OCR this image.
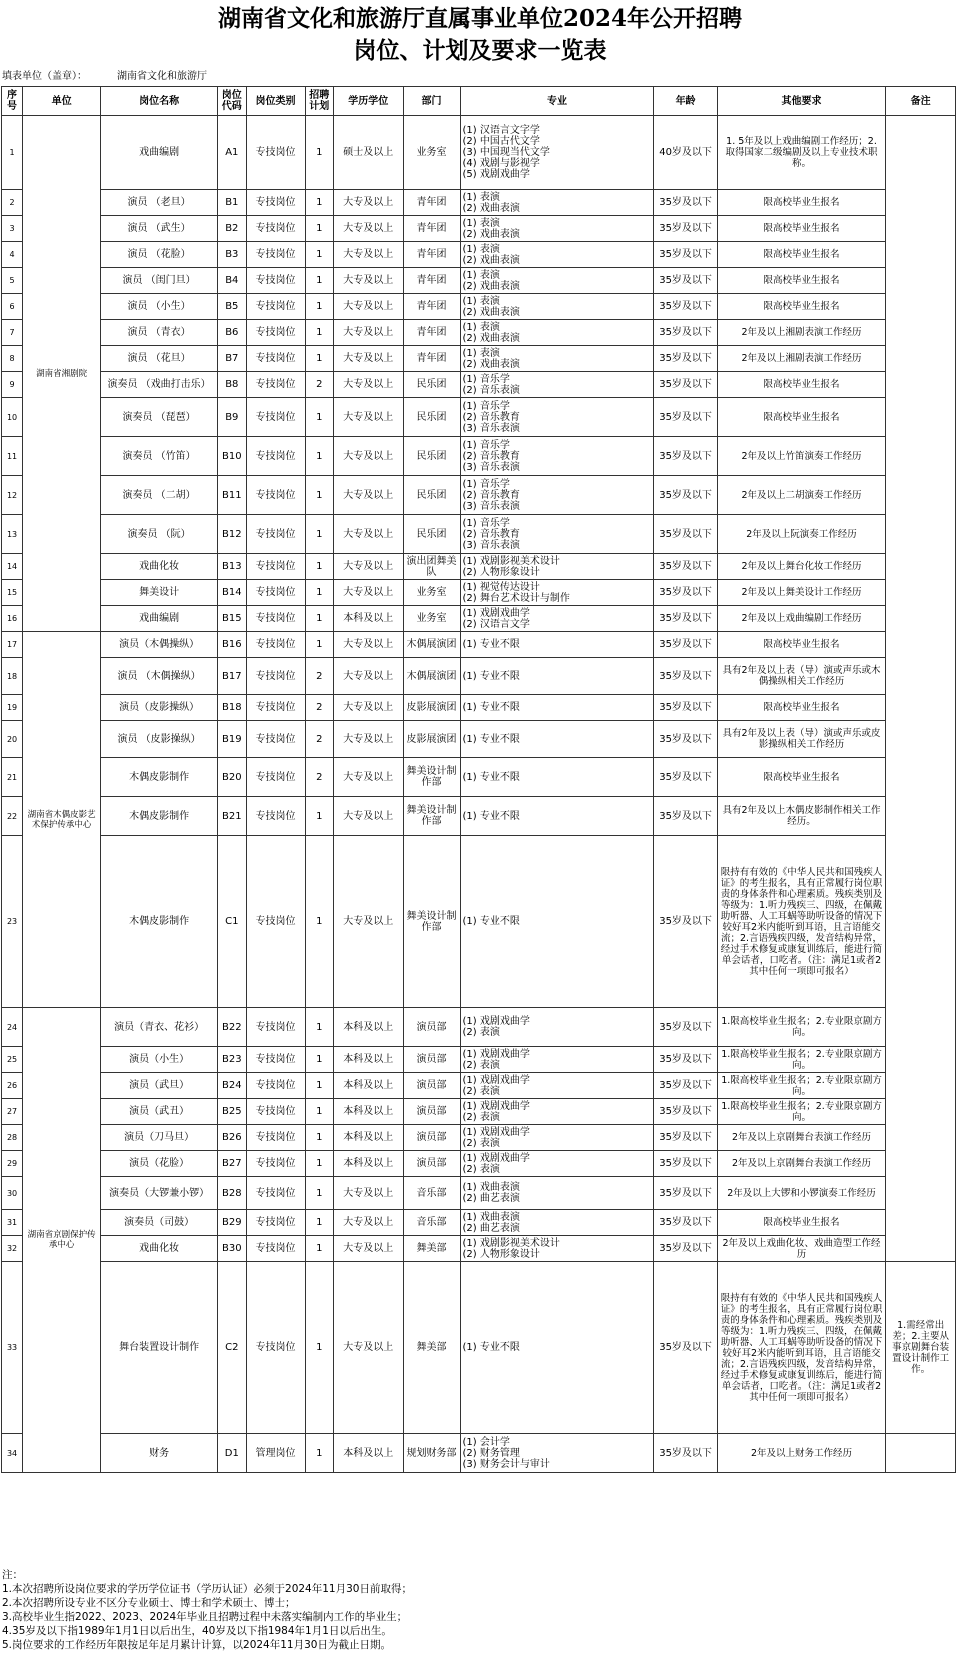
湖南省文化和旅游厅直属事业单位2024年公开招聘
岗位、计划及要求一览表
填表单位（盖章）：	湖南省文化和旅游厅
序号	单位	岗位名称	岗位代码	岗位类别	招聘计划	学历学位	部门	专业	年龄	其他要求	备注
1	湖南省湘剧院	戏曲编剧	A1	专技岗位	1	硕士及以上	业务室	(1) 汉语言文字学
(2) 中国古代文学
(3) 中国现当代文学
(4) 戏剧与影视学
(5) 戏剧戏曲学	40岁及以下	1. 5年及以上戏曲编剧工作经历；2. 取得国家二级编剧及以上专业技术职称。	
2		演员 （老旦）	B1	专技岗位	1	大专及以上	青年团	(1) 表演
(2) 戏曲表演	35岁及以下	限高校毕业生报名	
3		演员 （武生）	B2	专技岗位	1	大专及以上	青年团	(1) 表演
(2) 戏曲表演	35岁及以下	限高校毕业生报名	
4		演员 （花脸）	B3	专技岗位	1	大专及以上	青年团	(1) 表演
(2) 戏曲表演	35岁及以下	限高校毕业生报名	
5		演员 （闺门旦）	B4	专技岗位	1	大专及以上	青年团	(1) 表演
(2) 戏曲表演	35岁及以下	限高校毕业生报名	
6		演员 （小生）	B5	专技岗位	1	大专及以上	青年团	(1) 表演
(2) 戏曲表演	35岁及以下	限高校毕业生报名	
7		演员 （青衣）	B6	专技岗位	1	大专及以上	青年团	(1) 表演
(2) 戏曲表演	35岁及以下	2年及以上湘剧表演工作经历	
8		演员 （花旦）	B7	专技岗位	1	大专及以上	青年团	(1) 表演
(2) 戏曲表演	35岁及以下	2年及以上湘剧表演工作经历	
9		演奏员 （戏曲打击乐）	B8	专技岗位	2	大专及以上	民乐团	(1) 音乐学
(2) 音乐表演	35岁及以下	限高校毕业生报名	
10		演奏员 （琵琶）	B9	专技岗位	1	大专及以上	民乐团	(1) 音乐学
(2) 音乐教育
(3) 音乐表演	35岁及以下	限高校毕业生报名	
11		演奏员 （竹笛）	B10	专技岗位	1	大专及以上	民乐团	(1) 音乐学
(2) 音乐教育
(3) 音乐表演	35岁及以下	2年及以上竹笛演奏工作经历	
12		演奏员 （二胡）	B11	专技岗位	1	大专及以上	民乐团	(1) 音乐学
(2) 音乐教育
(3) 音乐表演	35岁及以下	2年及以上二胡演奏工作经历	
13		演奏员 （阮）	B12	专技岗位	1	大专及以上	民乐团	(1) 音乐学
(2) 音乐教育
(3) 音乐表演	35岁及以下	2年及以上阮演奏工作经历	
14		戏曲化妆	B13	专技岗位	1	大专及以上	演出团舞美队	(1) 戏剧影视美术设计
(2) 人物形象设计	35岁及以下	2年及以上舞台化妆工作经历	
15		舞美设计	B14	专技岗位	1	大专及以上	业务室	(1) 视觉传达设计
(2) 舞台艺术设计与制作	35岁及以下	2年及以上舞美设计工作经历	
16		戏曲编剧	B15	专技岗位	1	本科及以上	业务室	(1) 戏剧戏曲学
(2) 汉语言文学	35岁及以下	2年及以上戏曲编剧工作经历	
17	湖南省木偶皮影艺术保护传承中心	演员（木偶操纵）	B16	专技岗位	1	大专及以上	木偶展演团	(1) 专业不限	35岁及以下	限高校毕业生报名	
18		演员 （木偶操纵）	B17	专技岗位	2	大专及以上	木偶展演团	(1) 专业不限	35岁及以下	具有2年及以上表（导）演或声乐或木偶操纵相关工作经历	
19		演员（皮影操纵）	B18	专技岗位	2	大专及以上	皮影展演团	(1) 专业不限	35岁及以下	限高校毕业生报名	
20		演员 （皮影操纵）	B19	专技岗位	2	大专及以上	皮影展演团	(1) 专业不限	35岁及以下	具有2年及以上表（导）演或声乐或皮影操纵相关工作经历	
21		木偶皮影制作	B20	专技岗位	2	大专及以上	舞美设计制作部	(1) 专业不限	35岁及以下	限高校毕业生报名	
22		木偶皮影制作	B21	专技岗位	1	大专及以上	舞美设计制作部	(1) 专业不限	35岁及以下	具有2年及以上木偶皮影制作相关工作经历。	
23		木偶皮影制作	C1	专技岗位	1	大专及以上	舞美设计制作部	(1) 专业不限	35岁及以下	限持有有效的《中华人民共和国残疾人证》的考生报名，具有正常履行岗位职责的身体条件和心理素质。残疾类别及等级为：1.听力残疾三、四级，在佩戴助听器、人工耳蜗等助听设备的情况下较好耳2米内能听到耳语，且言语能交流；2.言语残疾四级，发音结构异常，经过手术修复或康复训练后，能进行简单会话者，口吃者。（注：满足1或者2其中任何一项即可报名）	
24	湖南省京剧保护传承中心	演员（青衣、花衫）	B22	专技岗位	1	本科及以上	演员部	(1) 戏剧戏曲学
(2) 表演	35岁及以下	1.限高校毕业生报名；2.专业限京剧方向。	
25		演员（小生）	B23	专技岗位	1	本科及以上	演员部	(1) 戏剧戏曲学
(2) 表演	35岁及以下	1.限高校毕业生报名；2.专业限京剧方向。	
26		演员（武旦）	B24	专技岗位	1	本科及以上	演员部	(1) 戏剧戏曲学
(2) 表演	35岁及以下	1.限高校毕业生报名；2.专业限京剧方向。	
27		演员（武丑）	B25	专技岗位	1	本科及以上	演员部	(1) 戏剧戏曲学
(2) 表演	35岁及以下	1.限高校毕业生报名；2.专业限京剧方向。	
28		演员（刀马旦）	B26	专技岗位	1	本科及以上	演员部	(1) 戏剧戏曲学
(2) 表演	35岁及以下	2年及以上京剧舞台表演工作经历	
29		演员（花脸）	B27	专技岗位	1	本科及以上	演员部	(1) 戏剧戏曲学
(2) 表演	35岁及以下	2年及以上京剧舞台表演工作经历	
30		演奏员（大锣兼小锣）	B28	专技岗位	1	大专及以上	音乐部	(1) 戏曲表演
(2) 曲艺表演	35岁及以下	2年及以上大锣和小锣演奏工作经历	
31		演奏员（司鼓）	B29	专技岗位	1	大专及以上	音乐部	(1) 戏曲表演
(2) 曲艺表演	35岁及以下	限高校毕业生报名	
32		戏曲化妆	B30	专技岗位	1	大专及以上	舞美部	(1) 戏剧影视美术设计
(2) 人物形象设计	35岁及以下	2年及以上戏曲化妆、戏曲造型工作经历	
33		舞台装置设计制作	C2	专技岗位	1	大专及以上	舞美部	(1) 专业不限	35岁及以下	限持有有效的《中华人民共和国残疾人证》的考生报名，具有正常履行岗位职责的身体条件和心理素质。残疾类别及等级为：1.听力残疾三、四级，在佩戴助听器、人工耳蜗等助听设备的情况下较好耳2米内能听到耳语，且言语能交流；2.言语残疾四级，发音结构异常，经过手术修复或康复训练后，能进行简单会话者，口吃者。（注：满足1或者2其中任何一项即可报名）	1.需经常出差；2.主要从事京剧舞台装置设计制作工作。
34		财务	D1	管理岗位	1	本科及以上	规划财务部	(1) 会计学
(2) 财务管理
(3) 财务会计与审计	35岁及以下	2年及以上财务工作经历	
注：
1.本次招聘所设岗位要求的学历学位证书（学历认证）必须于2024年11月30日前取得；
2.本次招聘所设专业不区分专业硕士、博士和学术硕士、博士；
3.高校毕业生指2022、2023、2024年毕业且招聘过程中未落实编制内工作的毕业生；
4.35岁及以下指1989年1月1日以后出生，40岁及以下指1984年1月1日以后出生。
5.岗位要求的工作经历年限按足年足月累计计算，以2024年11月30日为截止日期。
